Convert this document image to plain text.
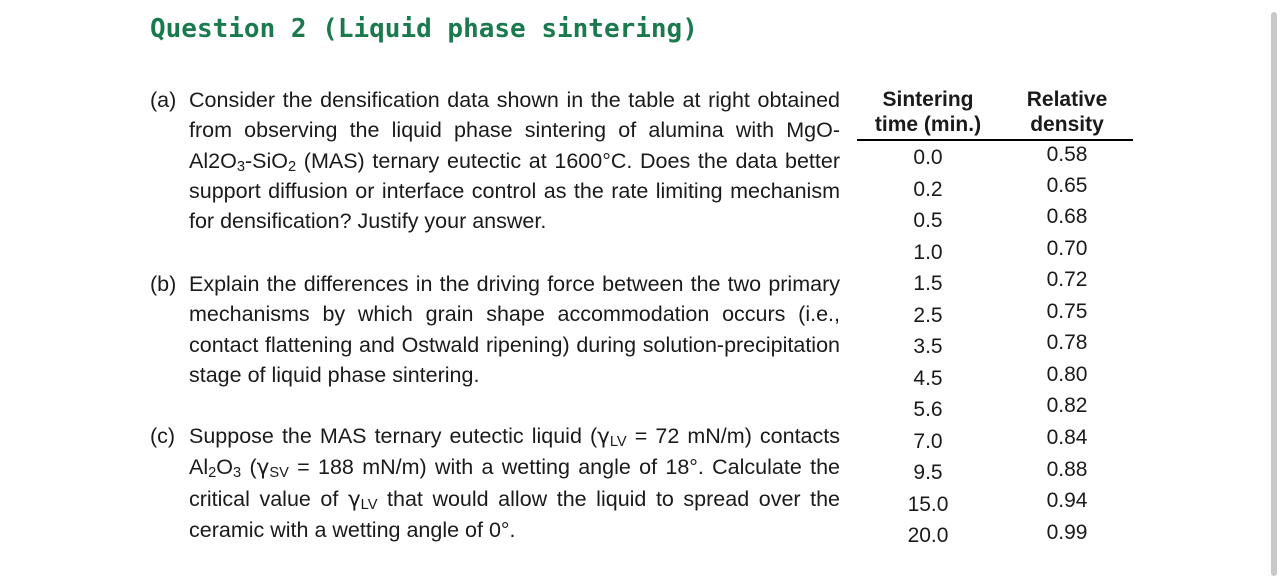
Question 2 (Liquid phase sintering)
(a) Consider the densification data shown in the table at right obtained from observing the liquid phase sintering of alumina with MgO-$Al2O_3-SiO_2$ (MAS) ternary eutectic at 1600°C. Does the data better support diffusion or interface control as the rate limiting mechanism for densification? Justify your answer.
(b) Explain the differences in the driving force between the two primary mechanisms by which grain shape accommodation occurs (i.e., contact flattening and Ostwald ripening) during solution-precipitation stage of liquid phase sintering.
(c) Suppose the MAS ternary eutectic liquid ($\gamma_{LV} = 72$ mN/m) contacts $Al_2O_3$ ($\gamma_{SV} = 188$ mN/m) with a wetting angle of 18°. Calculate the critical value of $\gamma_{LV}$ that would allow the liquid to spread over the ceramic with a wetting angle of 0°.
Sintering
time (min.)
Relative
density
0.0
0.2
0.5
1.0
1.5
2.5
3.5
4.5
5.6
7.0
9.5
15.0
20.0
0.58
0.65
0.68
0.70
0.72
0.75
0.78
0.80
0.82
0.84
0.88
0.94
0.99
